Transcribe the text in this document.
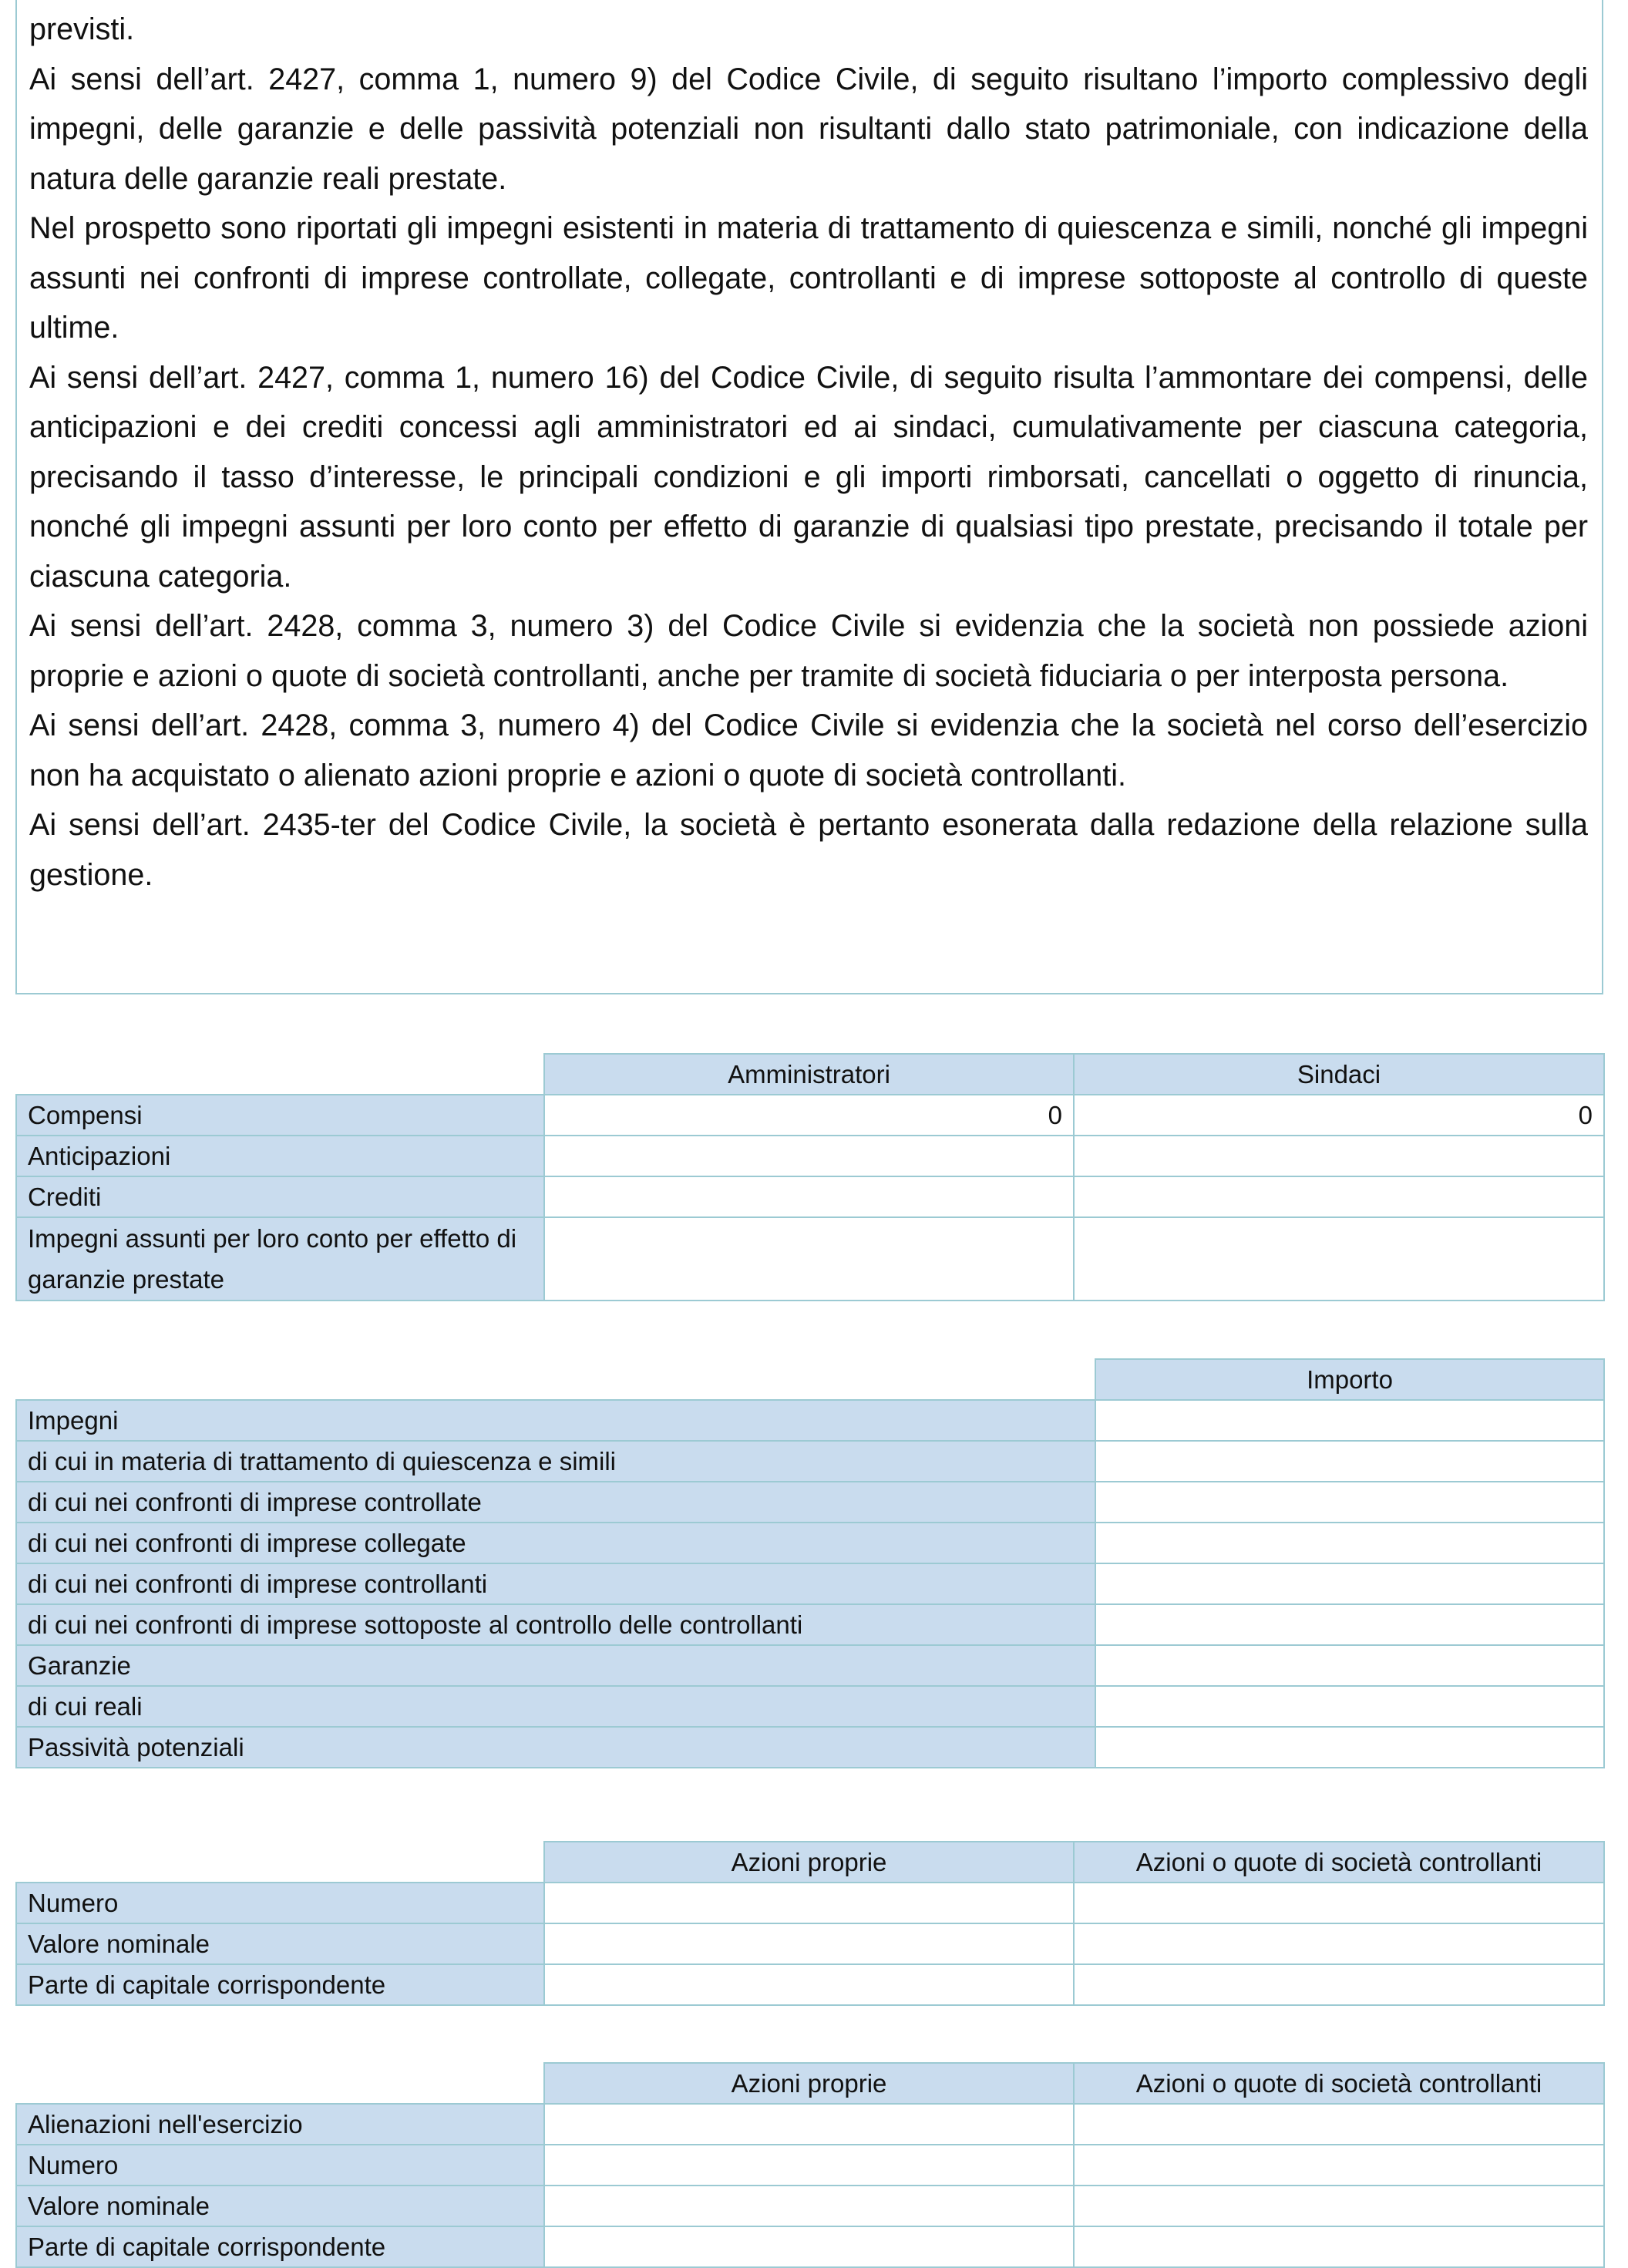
previsti.

Ai sensi dell’art. 2427, comma 1, numero 9) del Codice Civile, di seguito risultano l’importo complessivo degli impegni, delle garanzie e delle passività potenziali non risultanti dallo stato patrimoniale, con indicazione della natura delle garanzie reali prestate.

Nel prospetto sono riportati gli impegni esistenti in materia di trattamento di quiescenza e simili, nonché gli impegni assunti nei confronti di imprese controllate, collegate, controllanti e di imprese sottoposte al controllo di queste ultime.

Ai sensi dell’art. 2427, comma 1, numero 16) del Codice Civile, di seguito risulta l’ammontare dei compensi, delle anticipazioni e dei crediti concessi agli amministratori ed ai sindaci, cumulativamente per ciascuna categoria, precisando il tasso d’interesse, le principali condizioni e gli importi rimborsati, cancellati o oggetto di rinuncia, nonché gli impegni assunti per loro conto per effetto di garanzie di qualsiasi tipo prestate, precisando il totale per ciascuna categoria.

Ai sensi dell’art. 2428, comma 3, numero 3) del Codice Civile si evidenzia che la società non possiede azioni proprie e azioni o quote di società controllanti, anche per tramite di società fiduciaria o per interposta persona.

Ai sensi dell’art. 2428, comma 3, numero 4) del Codice Civile si evidenzia che la società nel corso dell’esercizio non ha acquistato o alienato azioni proprie e azioni o quote di società controllanti.

Ai sensi dell’art. 2435-ter del Codice Civile, la società è pertanto esonerata dalla redazione della relazione sulla gestione.

	Amministratori	Sindaci
Compensi	0	0
Anticipazioni		
Crediti		
Impegni assunti per loro conto per effetto di garanzie prestate		
	Importo
Impegni	
di cui in materia di trattamento di quiescenza e simili	
di cui nei confronti di imprese controllate	
di cui nei confronti di imprese collegate	
di cui nei confronti di imprese controllanti	
di cui nei confronti di imprese sottoposte al controllo delle controllanti	
Garanzie	
di cui reali	
Passività potenziali	
	Azioni proprie	Azioni o quote di società controllanti
Numero		
Valore nominale		
Parte di capitale corrispondente		
	Azioni proprie	Azioni o quote di società controllanti
Alienazioni nell'esercizio		
Numero		
Valore nominale		
Parte di capitale corrispondente		
